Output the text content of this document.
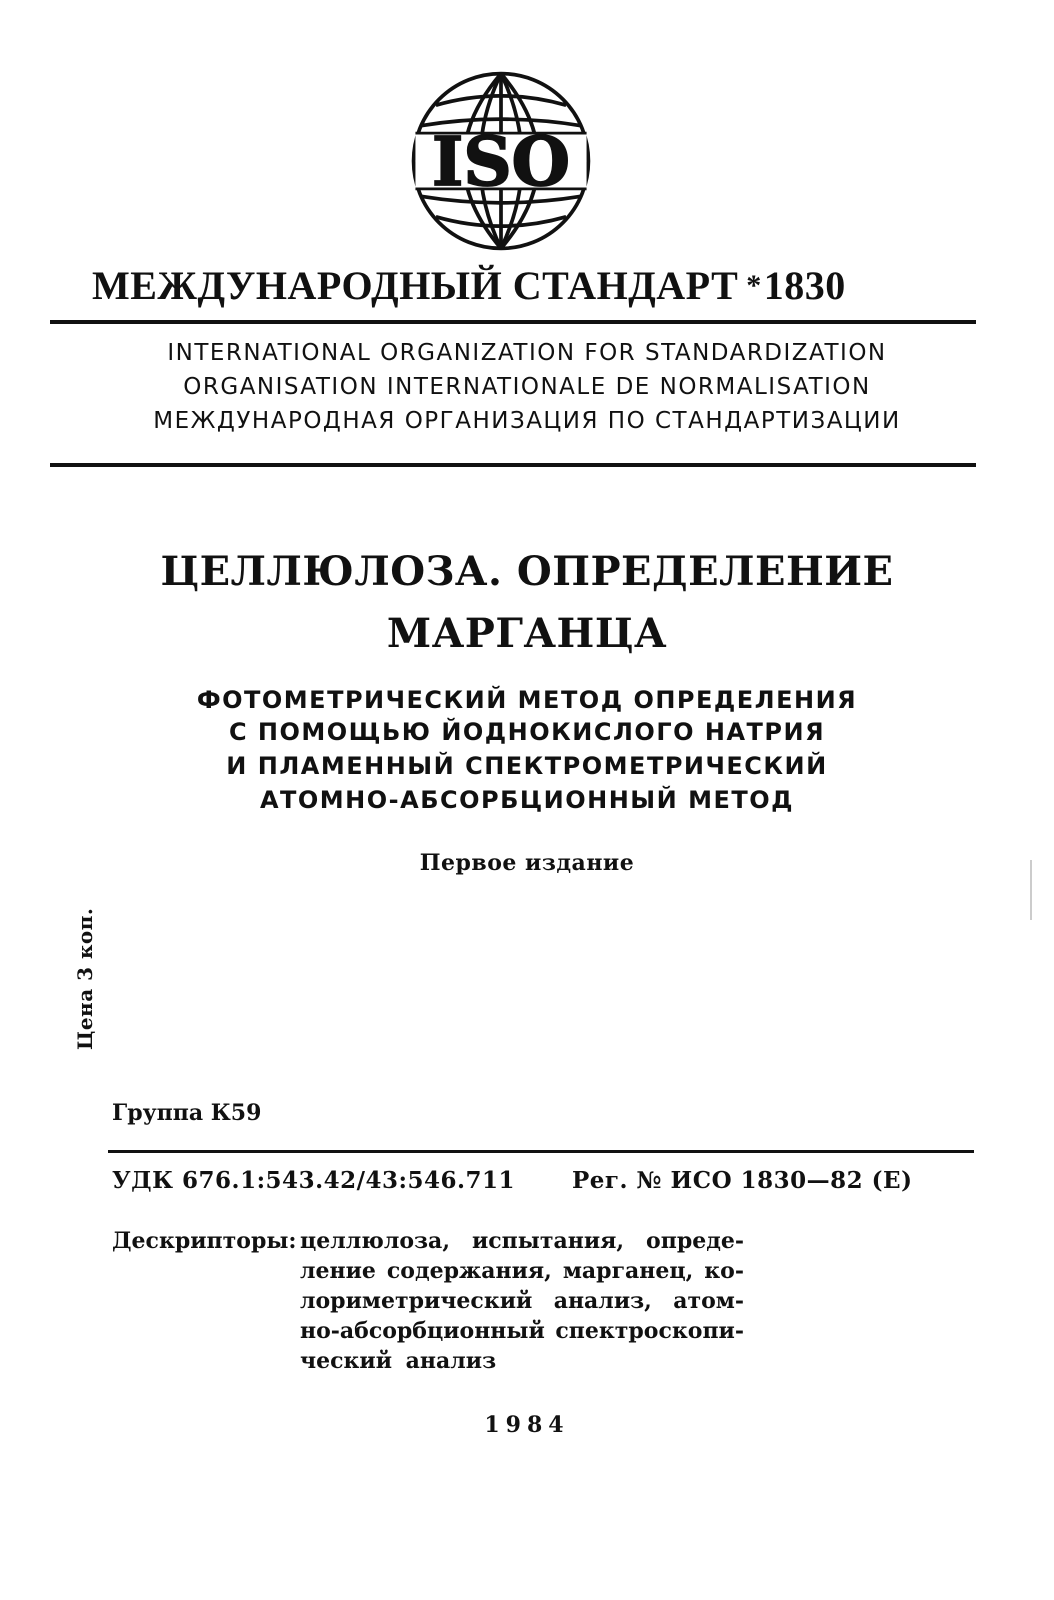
ISO
МЕЖДУНАРОДНЫЙ СТАНДАРТ *1830
INTERNATIONAL ORGANIZATION FOR STANDARDIZATION
ORGANISATION INTERNATIONALE DE NORMALISATION
МЕЖДУНАРОДНАЯ ОРГАНИЗАЦИЯ ПО СТАНДАРТИЗАЦИИ
ЦЕЛЛЮЛОЗА. ОПРЕДЕЛЕНИЕ
МАРГАНЦА
ФОТОМЕТРИЧЕСКИЙ МЕТОД ОПРЕДЕЛЕНИЯ
С ПОМОЩЬЮ ЙОДНОКИСЛОГО НАТРИЯ
И ПЛАМЕННЫЙ СПЕКТРОМЕТРИЧЕСКИЙ
АТОМНО-АБСОРБЦИОННЫЙ МЕТОД
Первое издание
Цена 3 коп.
Группа К59
УДК 676.1:543.42/43:546.711 Рег. № ИСО 1830—82 (E)
Дескрипторы: целлюлоза, испытания, опреде-
ление содержания, марганец, ко-
лориметрический анализ, атом-
но-абсорбционный спектроскопи-
ческий анализ
1984
